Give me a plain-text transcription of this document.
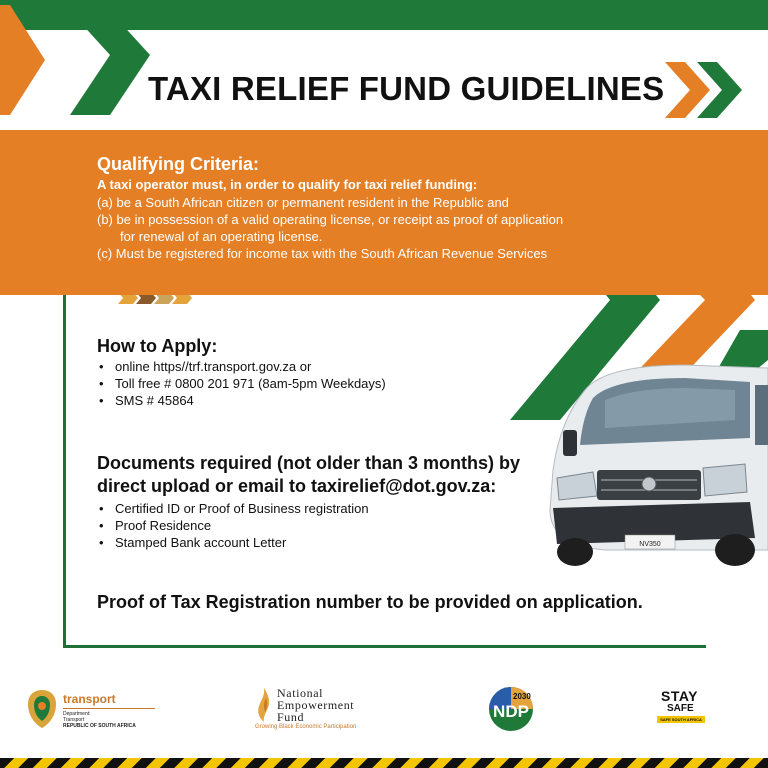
TAXI RELIEF FUND GUIDELINES
Qualifying Criteria:
A taxi operator must, in order to qualify for taxi relief funding:
(a) be a South African citizen or permanent resident in the Republic and
(b) be in possession of a valid operating license, or receipt as proof of application
for renewal of an operating license.
(c) Must be registered for income tax with the South African Revenue Services
How to Apply:
• online https//trf.transport.gov.za or
• Toll free # 0800 201 971 (8am-5pm Weekdays)
• SMS # 45864
Documents required (not older than 3 months) by
direct upload or email to taxirelief@dot.gov.za:
• Certified ID or Proof of Business registration
• Proof Residence
• Stamped Bank account Letter
Proof of Tax Registration number to be provided on application.
NV350
transport
Department:
Transport
REPUBLIC OF SOUTH AFRICA
National
Empowerment
Fund
Growing Black Economic Participation
2030
NDP
STAY
SAFE
SAFE SOUTH AFRICA
